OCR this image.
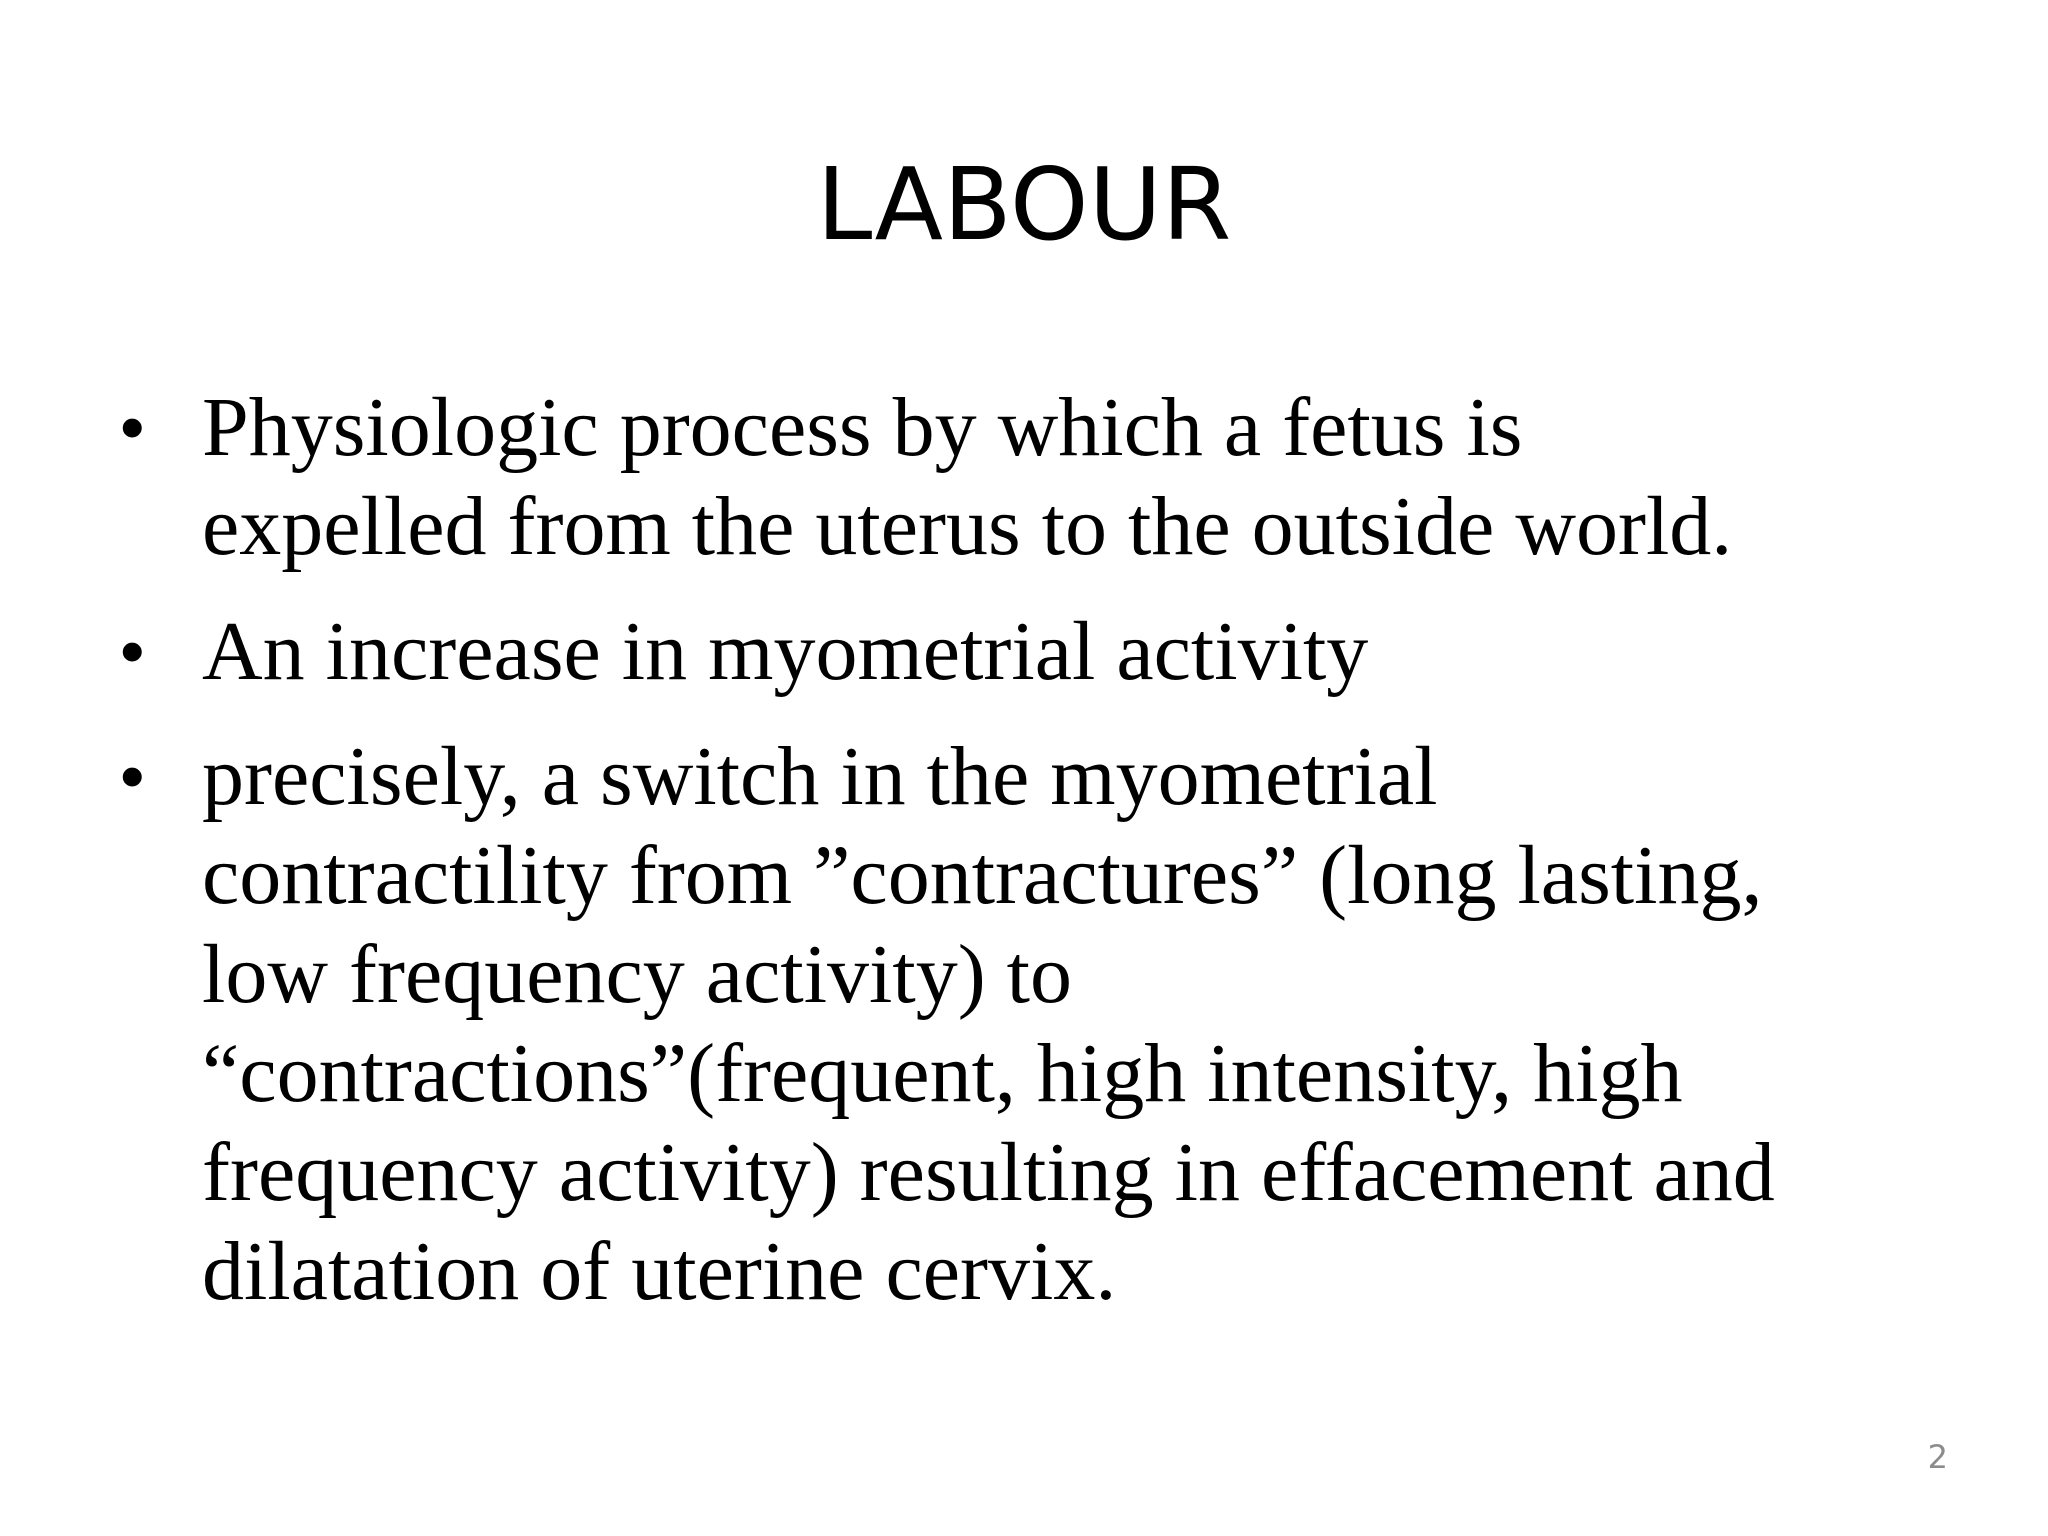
LABOUR
• Physiologic process by which a fetus is
expelled from the uterus to the outside world.
• An increase in myometrial activity
• precisely, a switch in the myometrial
contractility from ”contractures” (long lasting,
low frequency activity) to
“contractions”(frequent, high intensity, high
frequency activity) resulting in effacement and
dilatation of uterine cervix.
2
